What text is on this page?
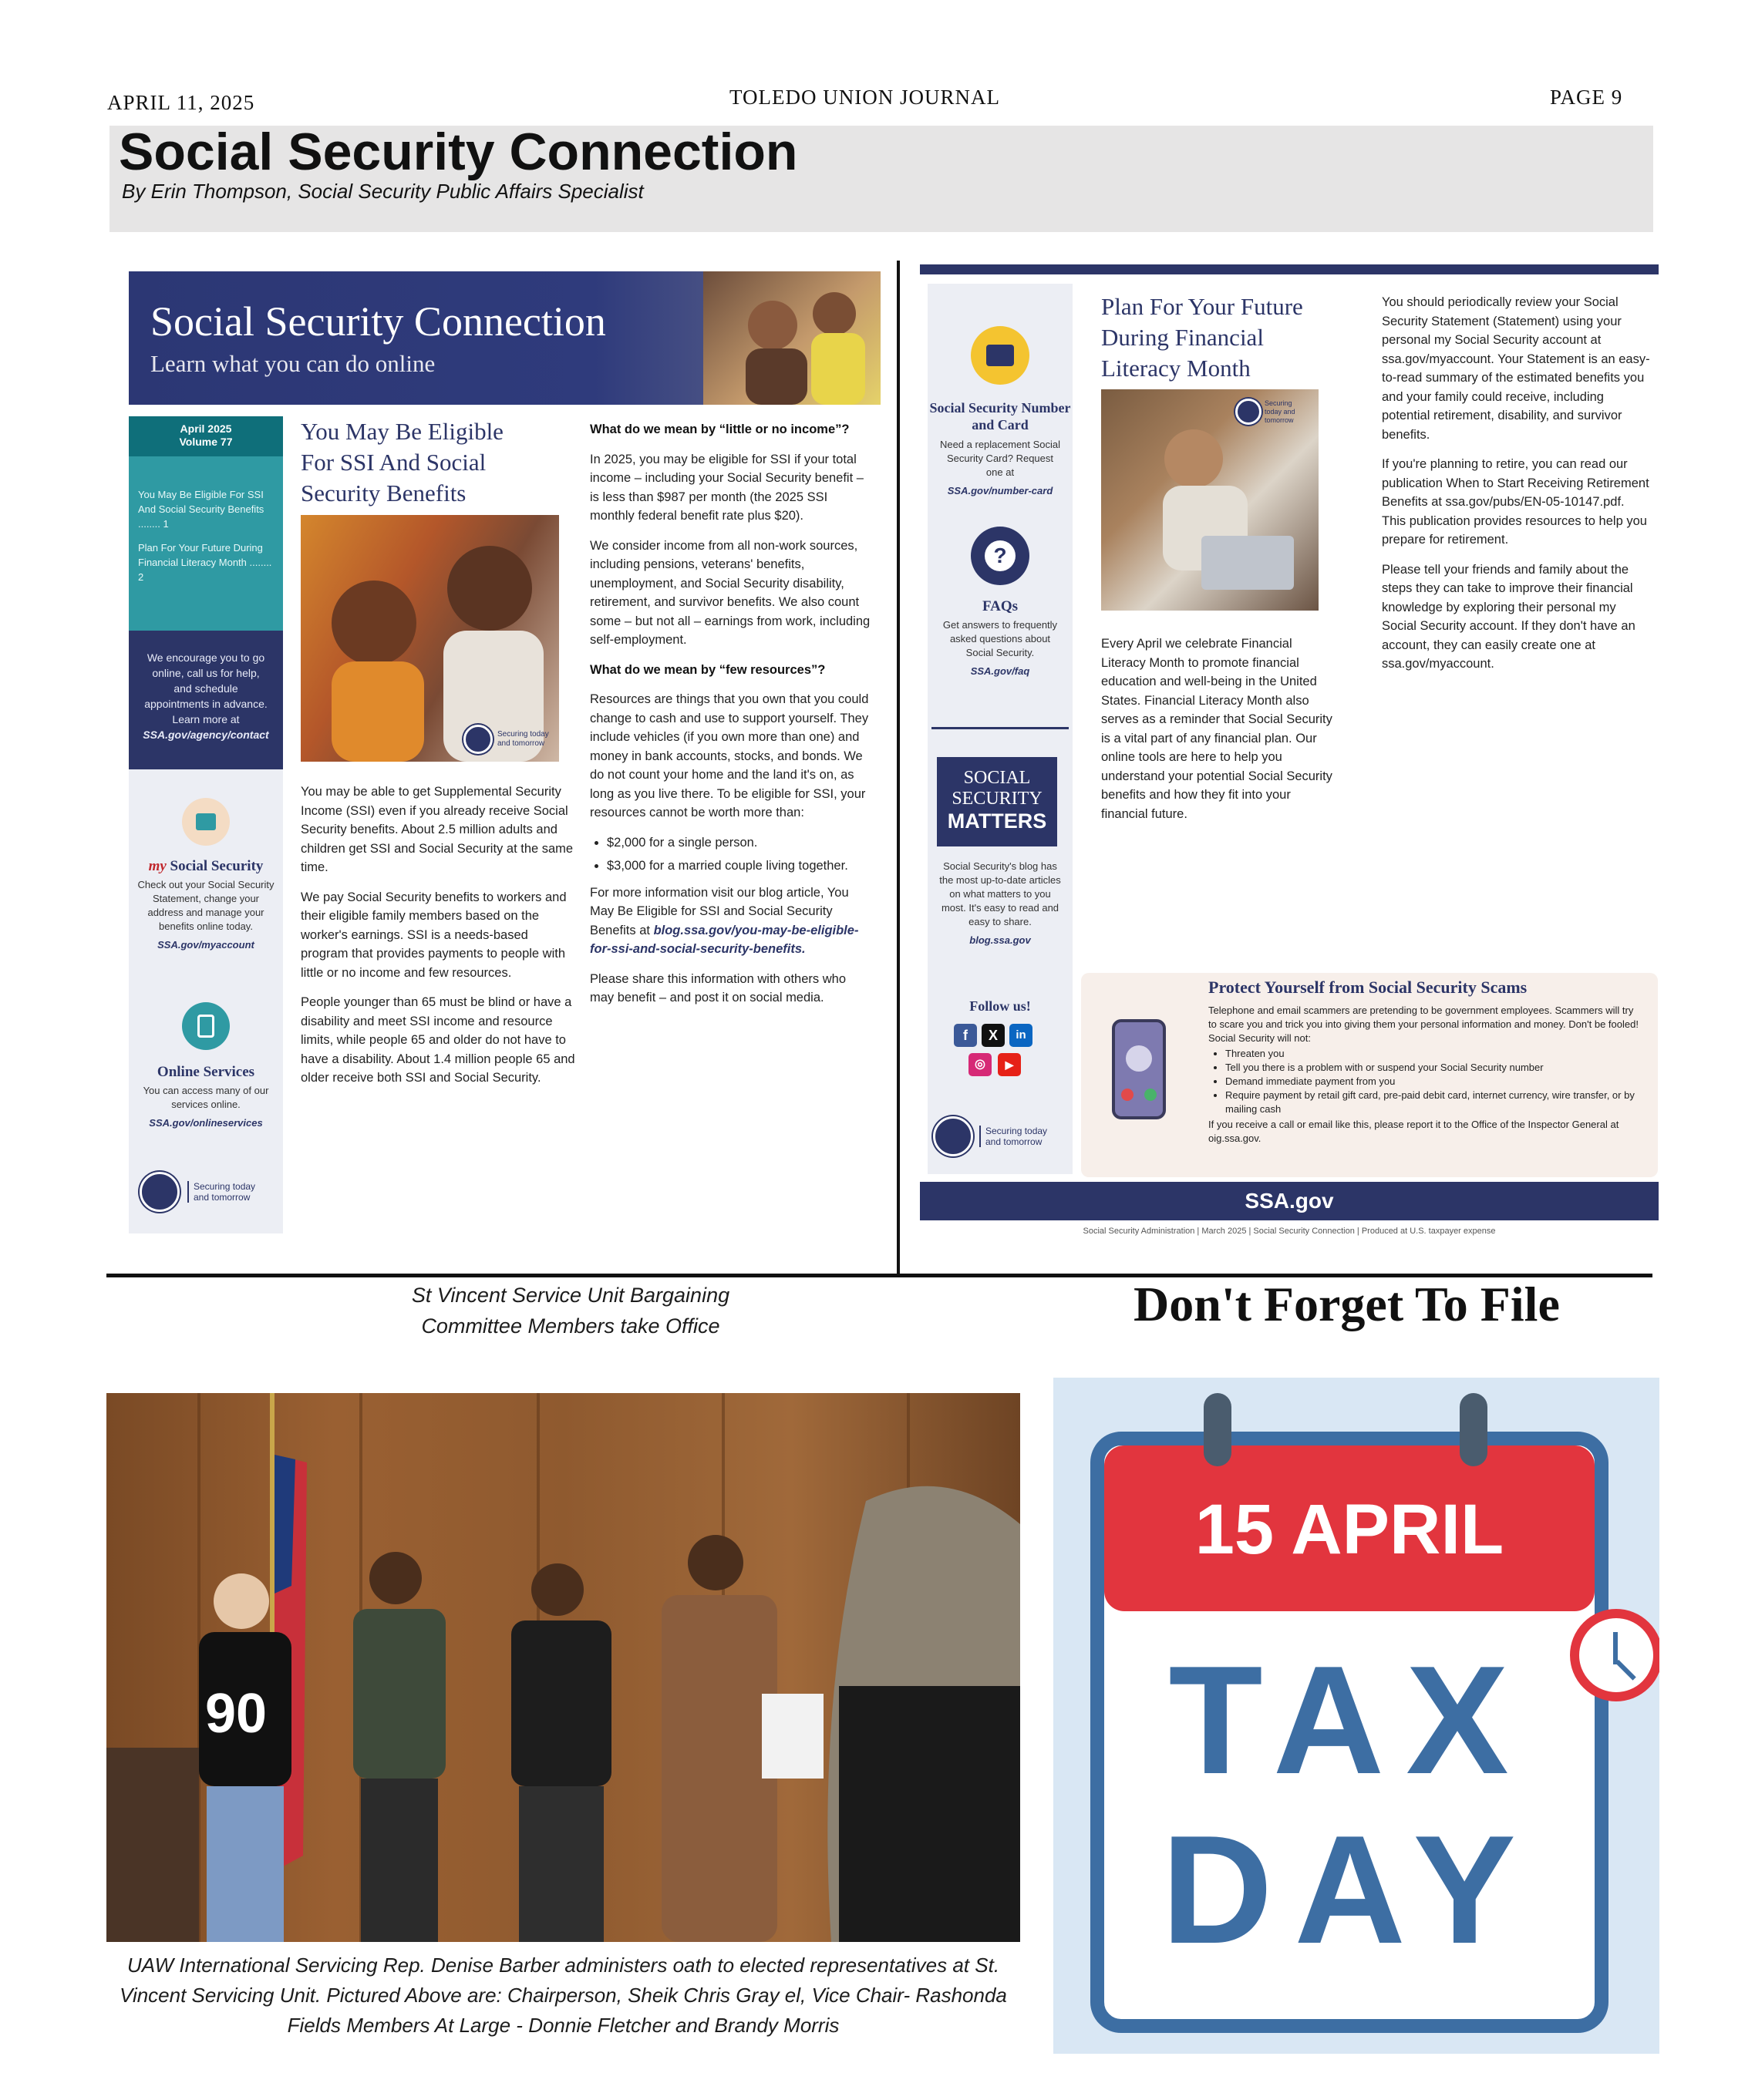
APRIL 11, 2025	TOLEDO UNION JOURNAL	PAGE 9
Social Security Connection
By Erin Thompson, Social Security Public Affairs Specialist
Social Security Connection
Learn what you can do online
April 2025
Volume 77
You May Be Eligible For SSI And Social Security Benefits ........ 1
Plan For Your Future During Financial Literacy Month ........ 2
We encourage you to go online, call us for help, and schedule appointments in advance. Learn more at
SSA.gov/agency/contact
my Social Security
Check out your Social Security Statement, change your address and manage your benefits online today.
SSA.gov/myaccount
Online Services
You can access many of our services online.
SSA.gov/onlineservices
Securing today and tomorrow
You May Be Eligible For SSI And Social Security Benefits
Securing today and tomorrow

You may be able to get Supplemental Security Income (SSI) even if you already receive Social Security benefits. About 2.5 million adults and children get SSI and Social Security at the same time.

We pay Social Security benefits to workers and their eligible family members based on the worker's earnings. SSI is a needs-based program that provides payments to people with little or no income and few resources.

People younger than 65 must be blind or have a disability and meet SSI income and resource limits, while people 65 and older do not have to have a disability. About 1.4 million people 65 and older receive both SSI and Social Security.

What do we mean by “little or no income”?

In 2025, you may be eligible for SSI if your total income – including your Social Security benefit – is less than $987 per month (the 2025 SSI monthly federal benefit rate plus $20).

We consider income from all non-work sources, including pensions, veterans' benefits, unemployment, and Social Security disability, retirement, and survivor benefits. We also count some – but not all – earnings from work, including self-employment.

What do we mean by “few resources”?

Resources are things that you own that you could change to cash and use to support yourself. They include vehicles (if you own more than one) and money in bank accounts, stocks, and bonds. We do not count your home and the land it's on, as long as you live there. To be eligible for SSI, your resources cannot be worth more than:

• $2,000 for a single person.
• $3,000 for a married couple living together.

For more information visit our blog article, You May Be Eligible for SSI and Social Security Benefits at blog.ssa.gov/you-may-be-eligible-for-ssi-and-social-security-benefits.

Please share this information with others who may benefit – and post it on social media.

Social Security Number and Card
Need a replacement Social Security Card? Request one at
SSA.gov/number-card
?
FAQs
Get answers to frequently asked questions about Social Security.
SSA.gov/faq
SOCIAL
SECURITY
MATTERS
Social Security's blog has the most up-to-date articles on what matters to you most. It's easy to read and easy to share.
blog.ssa.gov
Follow us!
f	X	in
◎	▶
Securing today and tomorrow
Plan For Your Future During Financial Literacy Month
Securing today and tomorrow

Every April we celebrate Financial Literacy Month to promote financial education and well-being in the United States. Financial Literacy Month also serves as a reminder that Social Security is a vital part of any financial plan. Our online tools are here to help you understand your potential Social Security benefits and how they fit into your financial future.

You should periodically review your Social Security Statement (Statement) using your personal my Social Security account at ssa.gov/myaccount. Your Statement is an easy-to-read summary of the estimated benefits you and your family could receive, including potential retirement, disability, and survivor benefits.

If you're planning to retire, you can read our publication When to Start Receiving Retirement Benefits at ssa.gov/pubs/EN-05-10147.pdf. This publication provides resources to help you prepare for retirement.

Please tell your friends and family about the steps they can take to improve their financial knowledge by exploring their personal my Social Security account. If they don't have an account, they can easily create one at ssa.gov/myaccount.

Protect Yourself from Social Security Scams
Telephone and email scammers are pretending to be government employees. Scammers will try to scare you and trick you into giving them your personal information and money. Don't be fooled! Social Security will not:
• Threaten you
• Tell you there is a problem with or suspend your Social Security number
• Demand immediate payment from you
• Require payment by retail gift card, pre-paid debit card, internet currency, wire transfer, or by mailing cash
If you receive a call or email like this, please report it to the Office of the Inspector General at oig.ssa.gov.
SSA.gov
Social Security Administration | March 2025 | Social Security Connection | Produced at U.S. taxpayer expense
St Vincent Service Unit Bargaining Committee Members take Office	Don't Forget To File
90
UAW International Servicing Rep. Denise Barber administers oath to elected representatives at St. Vincent Servicing Unit. Pictured Above are: Chairperson, Sheik Chris Gray el, Vice Chair- Rashonda Fields Members At Large - Donnie Fletcher and Brandy Morris
15 APRIL
TAX
DAY
